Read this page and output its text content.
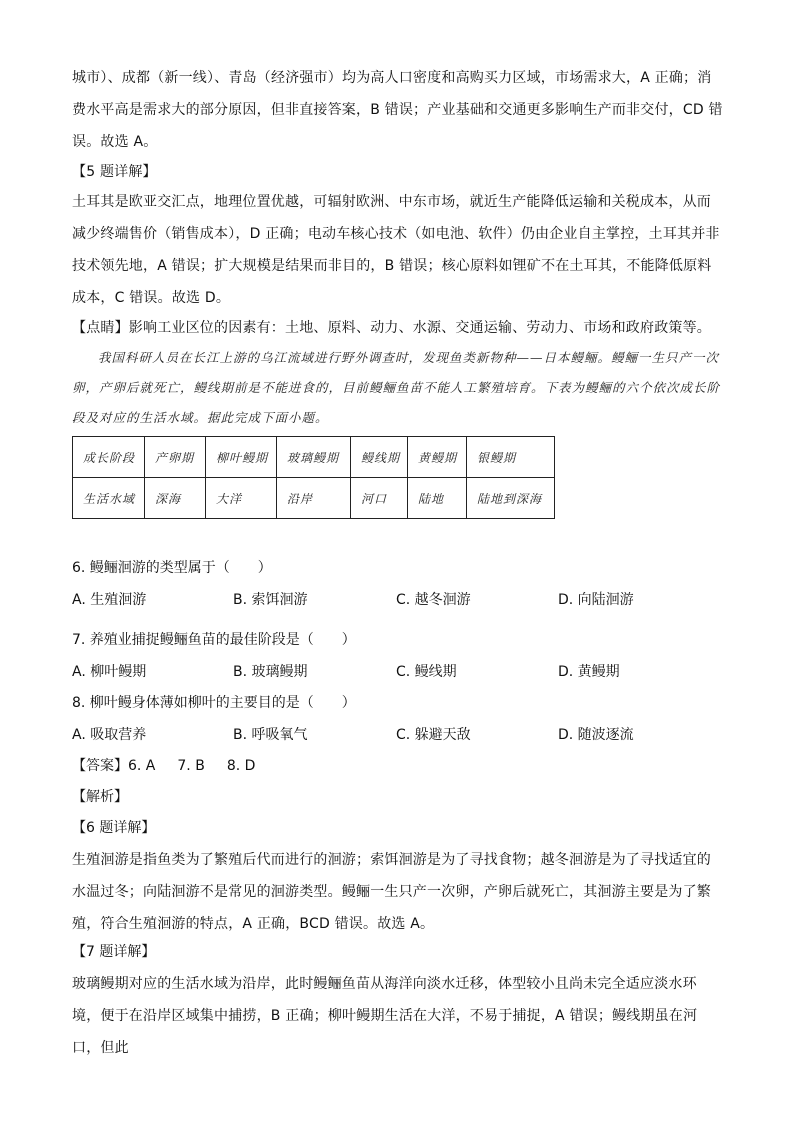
城市）、成都（新一线）、青岛（经济强市）均为高人口密度和高购买力区域，市场需求大，A 正确；消费水平高是需求大的部分原因，但非直接答案，B 错误；产业基础和交通更多影响生产而非交付，CD 错误。故选 A。

【5 题详解】

土耳其是欧亚交汇点，地理位置优越，可辐射欧洲、中东市场，就近生产能降低运输和关税成本，从而减少终端售价（销售成本），D 正确；电动车核心技术（如电池、软件）仍由企业自主掌控，土耳其并非技术领先地，A 错误；扩大规模是结果而非目的，B 错误；核心原料如锂矿不在土耳其，不能降低原料成本，C 错误。故选 D。

【点睛】影响工业区位的因素有：土地、原料、动力、水源、交通运输、劳动力、市场和政府政策等。

我国科研人员在长江上游的乌江流域进行野外调查时，发现鱼类新物种——日本鳗鲡。鳗鲡一生只产一次卵，产卵后就死亡，鳗线期前是不能进食的，目前鳗鲡鱼苗不能人工繁殖培育。下表为鳗鲡的六个依次成长阶段及对应的生活水域。据此完成下面小题。

成长阶段	产卵期	柳叶鳗期	玻璃鳗期	鳗线期	黄鳗期	银鳗期
生活水域	深海	大洋	沿岸	河口	陆地	陆地到深海
6. 鳗鲡洄游的类型属于（　　）
A. 生殖洄游	B. 索饵洄游	C. 越冬洄游	D. 向陆洄游
7. 养殖业捕捉鳗鲡鱼苗的最佳阶段是（　　）
A. 柳叶鳗期	B. 玻璃鳗期	C. 鳗线期	D. 黄鳗期
8. 柳叶鳗身体薄如柳叶的主要目的是（　　）
A. 吸取营养	B. 呼吸氧气	C. 躲避天敌	D. 随波逐流
【答案】6. A 7. B 8. D
【解析】
【6 题详解】

生殖洄游是指鱼类为了繁殖后代而进行的洄游；索饵洄游是为了寻找食物；越冬洄游是为了寻找适宜的水温过冬；向陆洄游不是常见的洄游类型。鳗鲡一生只产一次卵，产卵后就死亡，其洄游主要是为了繁殖，符合生殖洄游的特点，A 正确，BCD 错误。故选 A。

【7 题详解】

玻璃鳗期对应的生活水域为沿岸，此时鳗鲡鱼苗从海洋向淡水迁移，体型较小且尚未完全适应淡水环境，便于在沿岸区域集中捕捞，B 正确；柳叶鳗期生活在大洋，不易于捕捉，A 错误；鳗线期虽在河口，但此
